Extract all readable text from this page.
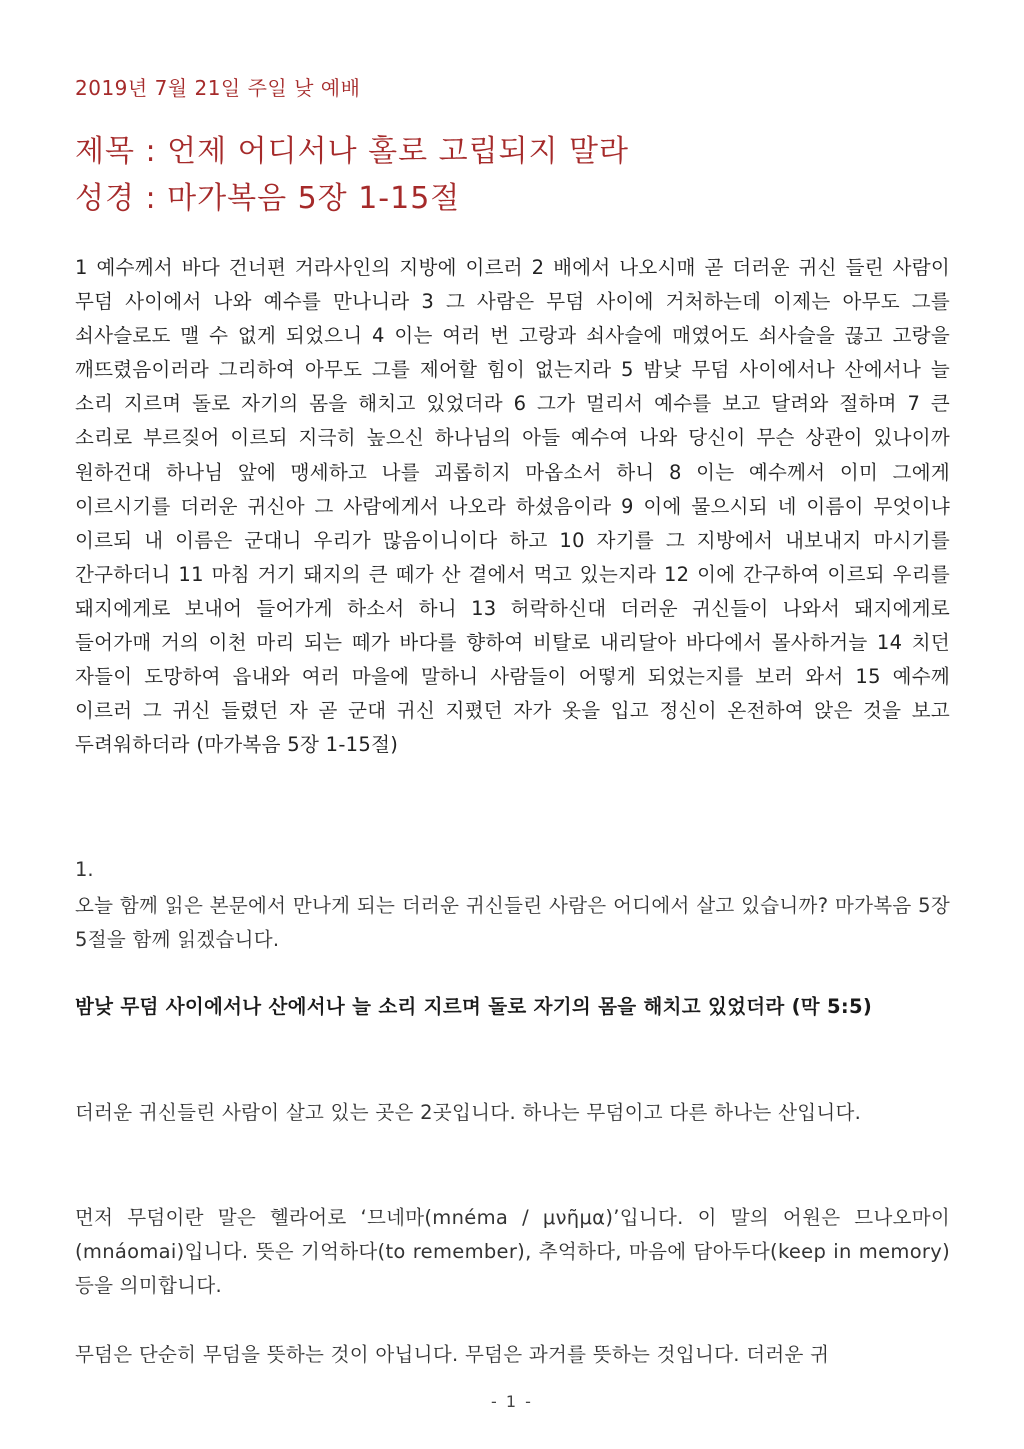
2019년 7월 21일 주일 낮 예배
제목 : 언제 어디서나 홀로 고립되지 말라
성경 : 마가복음 5장 1-15절
1 예수께서 바다 건너편 거라사인의 지방에 이르러 2 배에서 나오시매 곧 더러운 귀신 들린 사람이 무덤 사이에서 나와 예수를 만나니라 3 그 사람은 무덤 사이에 거처하는데 이제는 아무도 그를 쇠사슬로도 맬 수 없게 되었으니 4 이는 여러 번 고랑과 쇠사슬에 매였어도 쇠사슬을 끊고 고랑을 깨뜨렸음이러라 그리하여 아무도 그를 제어할 힘이 없는지라 5 밤낮 무덤 사이에서나 산에서나 늘 소리 지르며 돌로 자기의 몸을 해치고 있었더라 6 그가 멀리서 예수를 보고 달려와 절하며 7 큰 소리로 부르짖어 이르되 지극히 높으신 하나님의 아들 예수여 나와 당신이 무슨 상관이 있나이까 원하건대 하나님 앞에 맹세하고 나를 괴롭히지 마옵소서 하니 8 이는 예수께서 이미 그에게 이르시기를 더러운 귀신아 그 사람에게서 나오라 하셨음이라 9 이에 물으시되 네 이름이 무엇이냐 이르되 내 이름은 군대니 우리가 많음이니이다 하고 10 자기를 그 지방에서 내보내지 마시기를 간구하더니 11 마침 거기 돼지의 큰 떼가 산 곁에서 먹고 있는지라 12 이에 간구하여 이르되 우리를 돼지에게로 보내어 들어가게 하소서 하니 13 허락하신대 더러운 귀신들이 나와서 돼지에게로 들어가매 거의 이천 마리 되는 떼가 바다를 향하여 비탈로 내리달아 바다에서 몰사하거늘 14 치던 자들이 도망하여 읍내와 여러 마을에 말하니 사람들이 어떻게 되었는지를 보러 와서 15 예수께 이르러 그 귀신 들렸던 자 곧 군대 귀신 지폈던 자가 옷을 입고 정신이 온전하여 앉은 것을 보고 두려워하더라 (마가복음 5장 1-15절)
1.
오늘 함께 읽은 본문에서 만나게 되는 더러운 귀신들린 사람은 어디에서 살고 있습니까? 마가복음 5장 5절을 함께 읽겠습니다.
밤낮 무덤 사이에서나 산에서나 늘 소리 지르며 돌로 자기의 몸을 해치고 있었더라 (막 5:5)
더러운 귀신들린 사람이 살고 있는 곳은 2곳입니다. 하나는 무덤이고 다른 하나는 산입니다.
먼저 무덤이란 말은 헬라어로 ‘므네마(mnéma / μνῆμα)’입니다. 이 말의 어원은 므나오마이(mnáomai)입니다. 뜻은 기억하다(to remember), 추억하다, 마음에 담아두다(keep in memory) 등을 의미합니다.
무덤은 단순히 무덤을 뜻하는 것이 아닙니다. 무덤은 과거를 뜻하는 것입니다. 더러운 귀
- 1 -
